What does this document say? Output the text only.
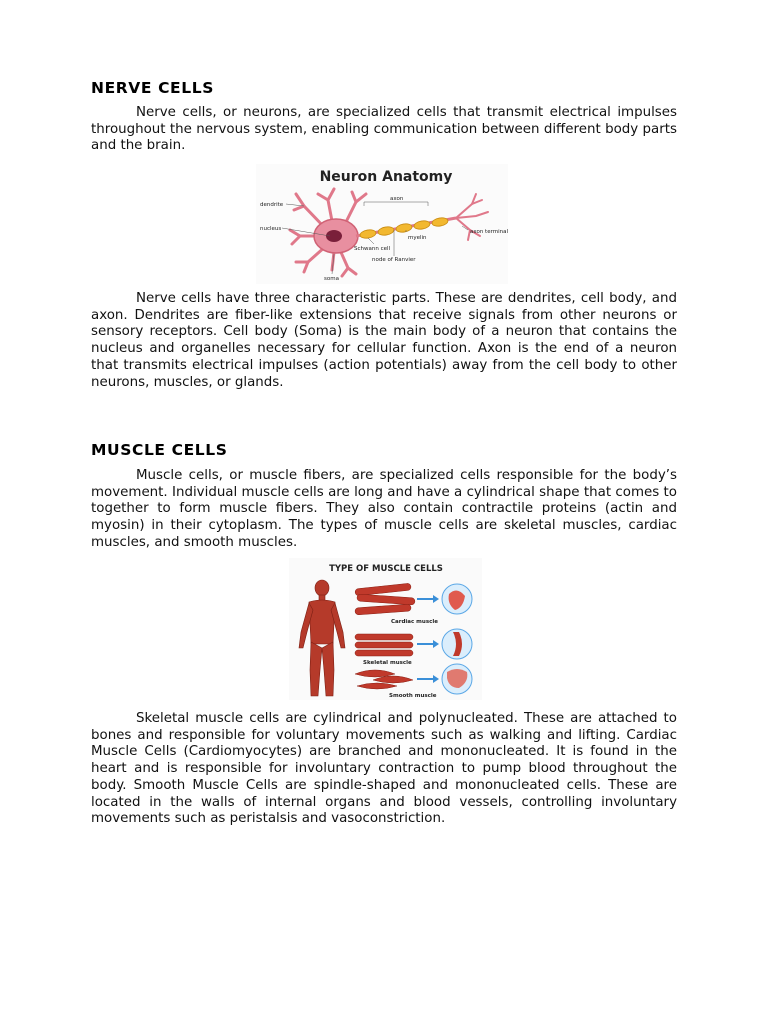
NERVE CELLS

Nerve cells, or neurons, are specialized cells that transmit electrical impulses throughout the nervous system, enabling communication between different body parts and the brain.

Neuron Anatomy
dendrite
nucleus
axon
myelin
axon terminal
Schwann cell
node of Ranvier
soma

Nerve cells have three characteristic parts. These are dendrites, cell body, and axon. Dendrites are fiber-like extensions that receive signals from other neurons or sensory receptors. Cell body (Soma) is the main body of a neuron that contains the nucleus and organelles necessary for cellular function. Axon is the end of a neuron that transmits electrical impulses (action potentials) away from the cell body to other neurons, muscles, or glands.

MUSCLE CELLS

Muscle cells, or muscle fibers, are specialized cells responsible for the body’s movement. Individual muscle cells are long and have a cylindrical shape that comes to together to form muscle fibers. They also contain contractile proteins (actin and myosin) in their cytoplasm. The types of muscle cells are skeletal muscles, cardiac muscles, and smooth muscles.

TYPE OF MUSCLE CELLS
Cardiac muscle
Skeletal muscle
Smooth muscle

Skeletal muscle cells are cylindrical and polynucleated. These are attached to bones and responsible for voluntary movements such as walking and lifting. Cardiac Muscle Cells (Cardiomyocytes) are branched and mononucleated. It is found in the heart and is responsible for involuntary contraction to pump blood throughout the body. Smooth Muscle Cells are spindle-shaped and mononucleated cells. These are located in the walls of internal organs and blood vessels, controlling involuntary movements such as peristalsis and vasoconstriction.
